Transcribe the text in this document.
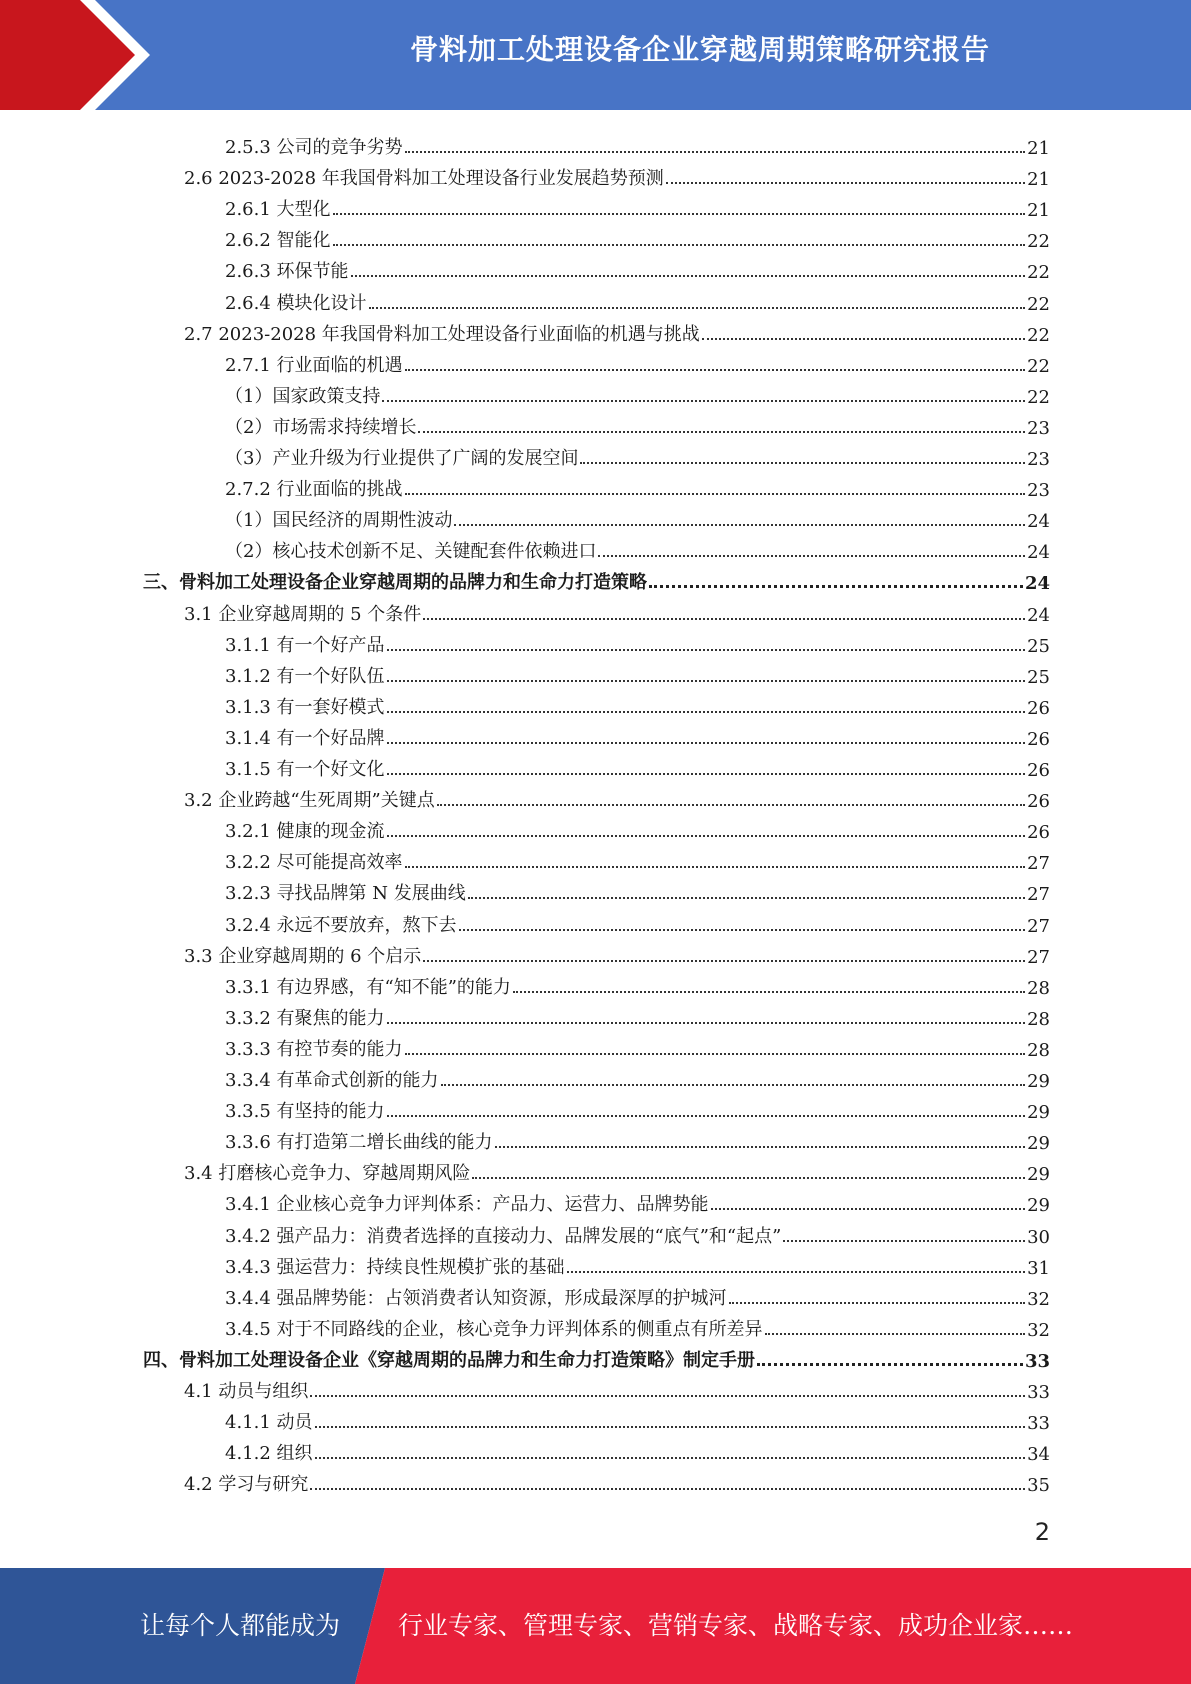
骨料加工处理设备企业穿越周期策略研究报告
2.5.3 公司的竞争劣势	21
2.6 2023-2028 年我国骨料加工处理设备行业发展趋势预测	21
2.6.1 大型化	21
2.6.2 智能化	22
2.6.3 环保节能	22
2.6.4 模块化设计	22
2.7 2023-2028 年我国骨料加工处理设备行业面临的机遇与挑战	22
2.7.1 行业面临的机遇	22
（1）国家政策支持	22
（2）市场需求持续增长	23
（3）产业升级为行业提供了广阔的发展空间	23
2.7.2 行业面临的挑战	23
（1）国民经济的周期性波动	24
（2）核心技术创新不足、关键配套件依赖进口	24
三、骨料加工处理设备企业穿越周期的品牌力和生命力打造策略	24
3.1 企业穿越周期的 5 个条件	24
3.1.1 有一个好产品	25
3.1.2 有一个好队伍	25
3.1.3 有一套好模式	26
3.1.4 有一个好品牌	26
3.1.5 有一个好文化	26
3.2 企业跨越“生死周期”关键点	26
3.2.1 健康的现金流	26
3.2.2 尽可能提高效率	27
3.2.3 寻找品牌第 N 发展曲线	27
3.2.4 永远不要放弃，熬下去	27
3.3 企业穿越周期的 6 个启示	27
3.3.1 有边界感，有“知不能”的能力	28
3.3.2 有聚焦的能力	28
3.3.3 有控节奏的能力	28
3.3.4 有革命式创新的能力	29
3.3.5 有坚持的能力	29
3.3.6 有打造第二增长曲线的能力	29
3.4 打磨核心竞争力、穿越周期风险	29
3.4.1 企业核心竞争力评判体系：产品力、运营力、品牌势能	29
3.4.2 强产品力：消费者选择的直接动力、品牌发展的“底气”和“起点”	30
3.4.3 强运营力：持续良性规模扩张的基础	31
3.4.4 强品牌势能：占领消费者认知资源，形成最深厚的护城河	32
3.4.5 对于不同路线的企业，核心竞争力评判体系的侧重点有所差异	32
四、骨料加工处理设备企业《穿越周期的品牌力和生命力打造策略》制定手册	33
4.1 动员与组织	33
4.1.1 动员	33
4.1.2 组织	34
4.2 学习与研究	35
2
让每个人都能成为 行业专家、管理专家、营销专家、战略专家、成功企业家……
